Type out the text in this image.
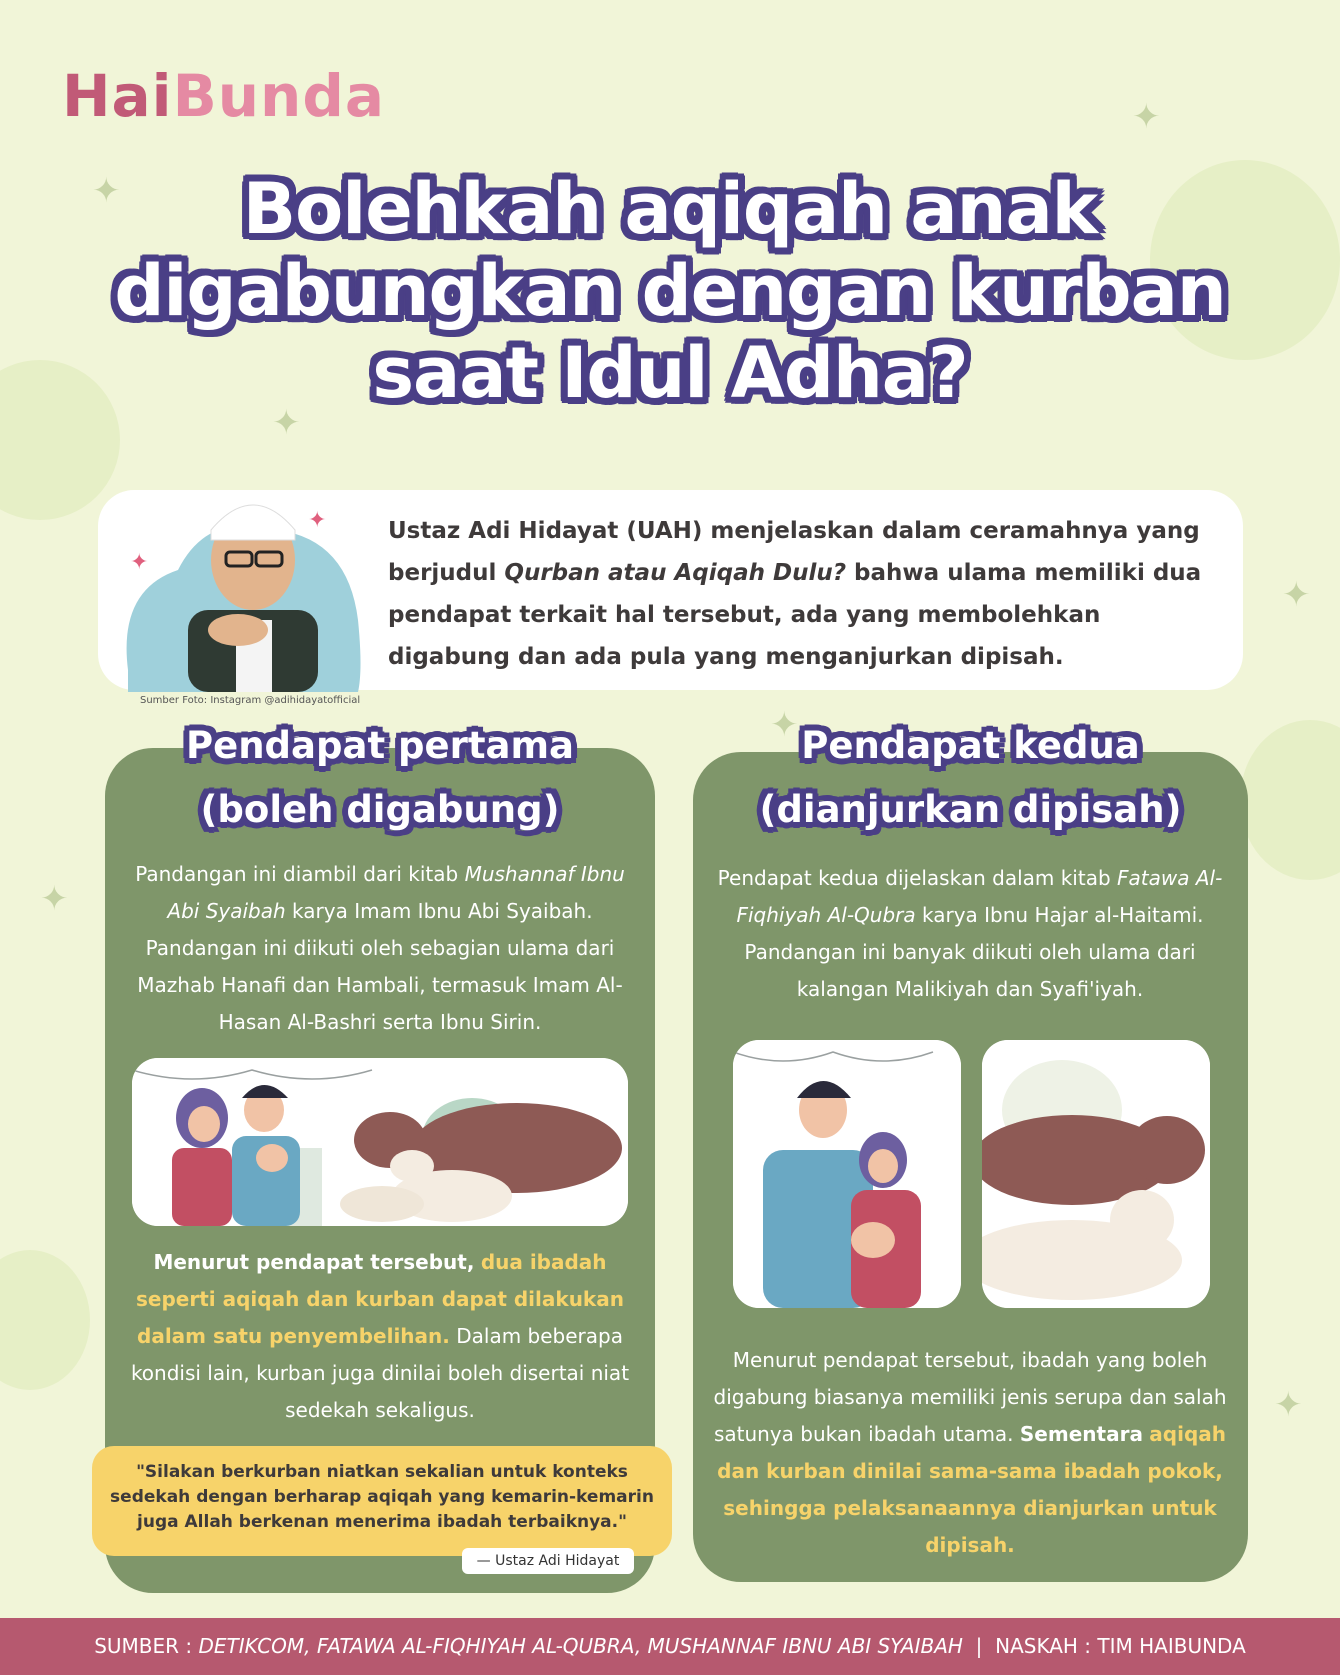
✦
✦
✦
✦
✦
✦
✦
HaiBunda
Bolehkah aqiqah anak
digabungkan dengan kurban
saat Idul Adha?
✦
✦
Ustaz Adi Hidayat (UAH) menjelaskan dalam ceramahnya yang berjudul Qurban atau Aqiqah Dulu? bahwa ulama memiliki dua pendapat terkait hal tersebut, ada yang membolehkan digabung dan ada pula yang menganjurkan dipisah.
Sumber Foto: Instagram @adihidayatofficial
Pendapat pertama
(boleh digabung)
Pandangan ini diambil dari kitab Mushannaf Ibnu Abi Syaibah karya Imam Ibnu Abi Syaibah. Pandangan ini diikuti oleh sebagian ulama dari Mazhab Hanafi dan Hambali, termasuk Imam Al-Hasan Al-Bashri serta Ibnu Sirin.
Menurut pendapat tersebut, dua ibadah seperti aqiqah dan kurban dapat dilakukan dalam satu penyembelihan. Dalam beberapa kondisi lain, kurban juga dinilai boleh disertai niat sedekah sekaligus.
"Silakan berkurban niatkan sekalian untuk konteks sedekah dengan berharap aqiqah yang kemarin-kemarin juga Allah berkenan menerima ibadah terbaiknya."
— Ustaz Adi Hidayat
Pendapat kedua
(dianjurkan dipisah)
Pendapat kedua dijelaskan dalam kitab Fatawa Al-Fiqhiyah Al-Qubra karya Ibnu Hajar al-Haitami. Pandangan ini banyak diikuti oleh ulama dari kalangan Malikiyah dan Syafi'iyah.
Menurut pendapat tersebut, ibadah yang boleh digabung biasanya memiliki jenis serupa dan salah satunya bukan ibadah utama. Sementara aqiqah dan kurban dinilai sama-sama ibadah pokok, sehingga pelaksanaannya dianjurkan untuk dipisah.
SUMBER : DETIKCOM, FATAWA AL-FIQHIYAH AL-QUBRA, MUSHANNAF IBNU ABI SYAIBAH  |  NASKAH : TIM HAIBUNDA
